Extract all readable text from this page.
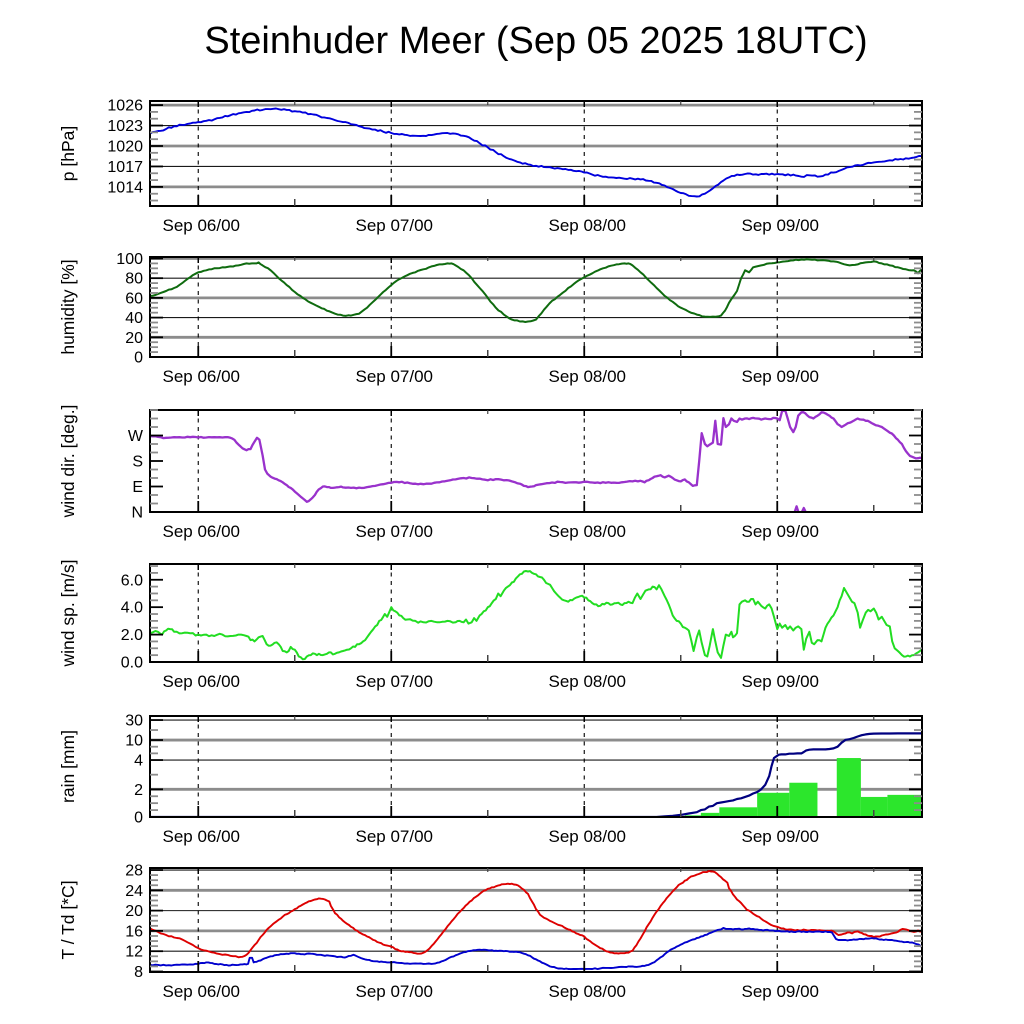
Steinhuder Meer (Sep 05 2025 18UTC)
1014
1017
1020
1023
1026
Sep 06/00	Sep 07/00	Sep 08/00	Sep 09/00
p [hPa]
0
20
40
60
80
100
Sep 06/00	Sep 07/00	Sep 08/00	Sep 09/00
humidity [%]
N
E
S
W
Sep 06/00	Sep 07/00	Sep 08/00	Sep 09/00
wind dir. [deg.]
0.0
2.0
4.0
6.0
Sep 06/00	Sep 07/00	Sep 08/00	Sep 09/00
wind sp. [m/s]
0
2
4
10
30
Sep 06/00	Sep 07/00	Sep 08/00	Sep 09/00
rain [mm]
8
12
16
20
24
28
Sep 06/00	Sep 07/00	Sep 08/00	Sep 09/00
T / Td [*C]
